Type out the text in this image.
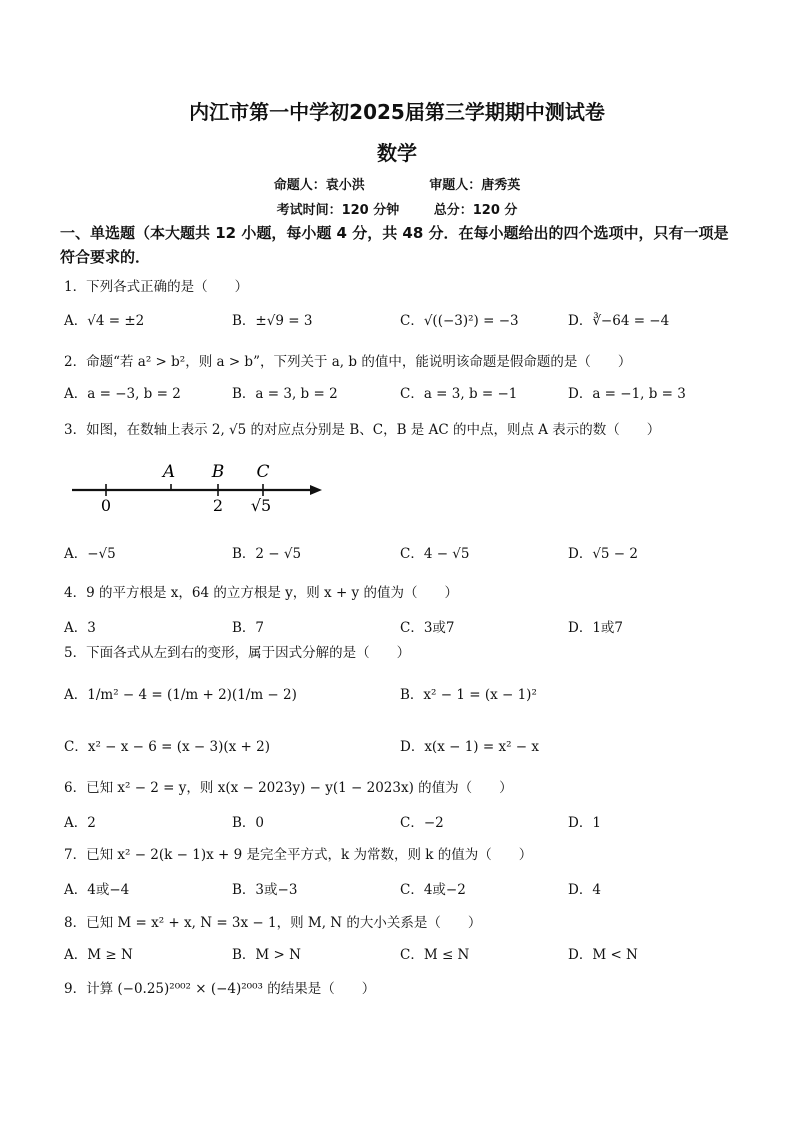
内江市第一中学初2025届第三学期期中测试卷
数学
命题人：袁小洪	审题人：唐秀英
考试时间：120 分钟	总分：120 分
一、单选题（本大题共 12 小题，每小题 4 分，共 48 分．在每小题给出的四个选项中，只有一项是符合要求的．
1．下列各式正确的是（　　）
A．√4 = ±2	B．±√9 = 3	C．√((−3)²) = −3	D．∛−64 = −4
2．命题“若 a² > b²，则 a > b”，下列关于 a, b 的值中，能说明该命题是假命题的是（　　）
A．a = −3, b = 2	B．a = 3, b = 2	C．a = 3, b = −1	D．a = −1, b = 3
3．如图，在数轴上表示 2, √5 的对应点分别是 B、C，B 是 AC 的中点，则点 A 表示的数（　　）
A B C
0	2 √5
A．−√5	B．2 − √5	C．4 − √5	D．√5 − 2
4．9 的平方根是 x，64 的立方根是 y，则 x + y 的值为（　　）
A．3	B．7	C．3或7	D．1或7
5．下面各式从左到右的变形，属于因式分解的是（　　）
A．1/m² − 4 = (1/m + 2)(1/m − 2)	B．x² − 1 = (x − 1)²
C．x² − x − 6 = (x − 3)(x + 2)	D．x(x − 1) = x² − x
6．已知 x² − 2 = y，则 x(x − 2023y) − y(1 − 2023x) 的值为（　　）
A．2	B．0	C．−2	D．1
7．已知 x² − 2(k − 1)x + 9 是完全平方式，k 为常数，则 k 的值为（　　）
A．4或−4	B．3或−3	C．4或−2	D．4
8．已知 M = x² + x, N = 3x − 1，则 M, N 的大小关系是（　　）
A．M ≥ N	B．M > N	C．M ≤ N	D．M < N
9．计算 (−0.25)²⁰⁰² × (−4)²⁰⁰³ 的结果是（　　）
